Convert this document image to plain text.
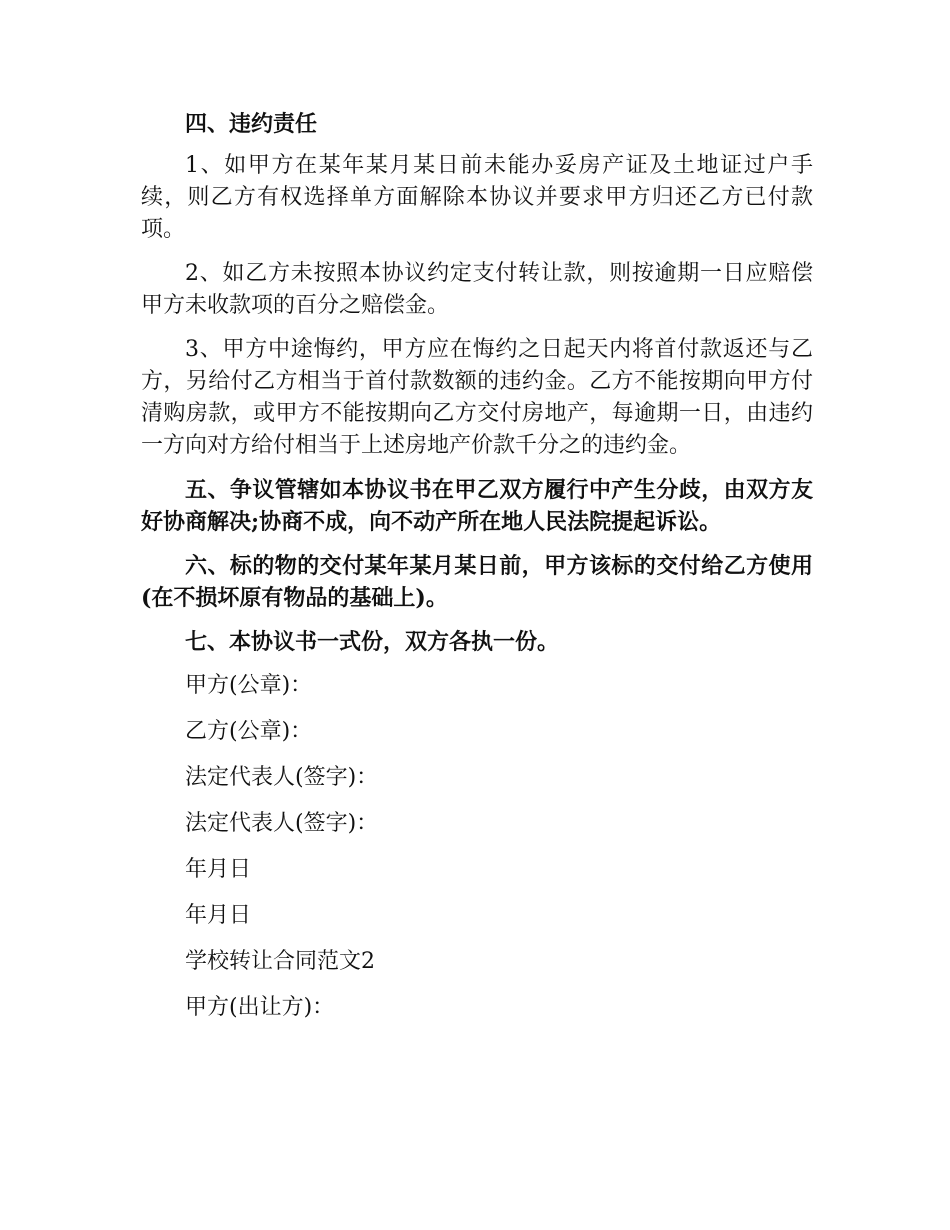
四、违约责任

1、如甲方在某年某月某日前未能办妥房产证及土地证过户手续，则乙方有权选择单方面解除本协议并要求甲方归还乙方已付款项。

2、如乙方未按照本协议约定支付转让款，则按逾期一日应赔偿甲方未收款项的百分之赔偿金。

3、甲方中途悔约，甲方应在悔约之日起天内将首付款返还与乙方，另给付乙方相当于首付款数额的违约金。乙方不能按期向甲方付清购房款，或甲方不能按期向乙方交付房地产，每逾期一日，由违约一方向对方给付相当于上述房地产价款千分之的违约金。

五、争议管辖如本协议书在甲乙双方履行中产生分歧，由双方友好协商解决;协商不成，向不动产所在地人民法院提起诉讼。

六、标的物的交付某年某月某日前，甲方该标的交付给乙方使用(在不损坏原有物品的基础上)。

七、本协议书一式份，双方各执一份。

甲方(公章)：

乙方(公章)：

法定代表人(签字)：

法定代表人(签字)：

年月日

年月日

学校转让合同范文2

甲方(出让方)：
